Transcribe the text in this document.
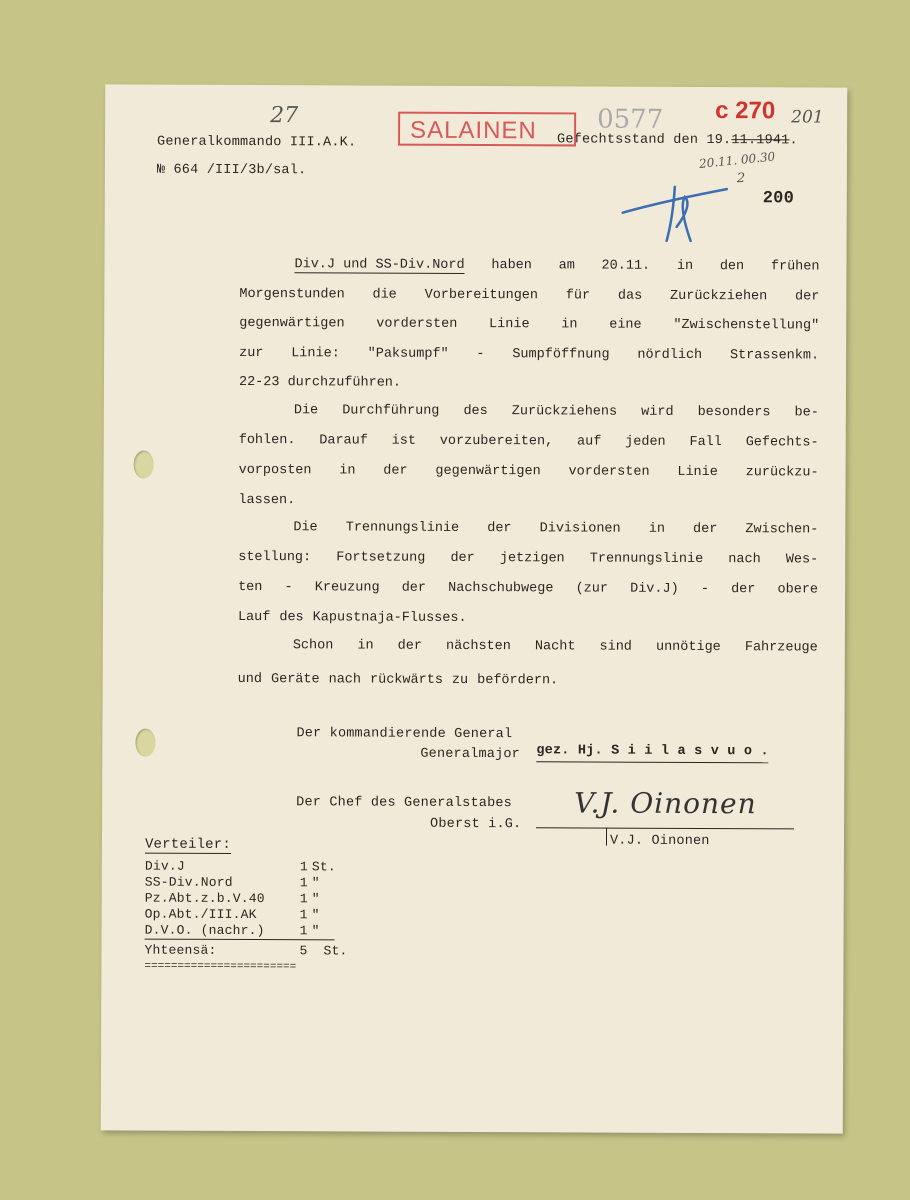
Generalkommando III.A.K.
№ 664 /III/3b/sal.
Gefechtsstand den 19.11.1941.
200
SALAINEN
27	0577 c 270 201
20.11. 00.30
2
Div.J und SS-Div.Nord haben am 20.11. in den frühen
Morgenstunden die Vorbereitungen für das Zurückziehen der
gegenwärtigen vordersten Linie in eine "Zwischenstellung"
zur Linie: "Paksumpf" - Sumpföffnung nördlich Strassenkm.
22-23 durchzuführen.
Die Durchführung des Zurückziehens wird besonders be-
fohlen. Darauf ist vorzubereiten, auf jeden Fall Gefechts-
vorposten in der gegenwärtigen vordersten Linie zurückzu-
lassen.
Die Trennungslinie der Divisionen in der Zwischen-
stellung: Fortsetzung der jetzigen Trennungslinie nach Wes-
ten - Kreuzung der Nachschubwege (zur Div.J) - der obere
Lauf des Kapustnaja-Flusses.
Schon in der nächsten Nacht sind unnötige Fahrzeuge
und Geräte nach rückwärts zu befördern.
Der kommandierende General
Generalmajor gez. Hj. S i i l a s v u o .
Der Chef des Generalstabes
Oberst i.G.
V.J. Oinonen
V.J. Oinonen
Verteiler:
Div.J	1 St.
SS-Div.Nord	1 "
Pz.Abt.z.b.V.40	1 "
Op.Abt./III.AK	1 "
D.V.O. (nachr.)	1 "
Yhteensä:	5 St.
=======================
